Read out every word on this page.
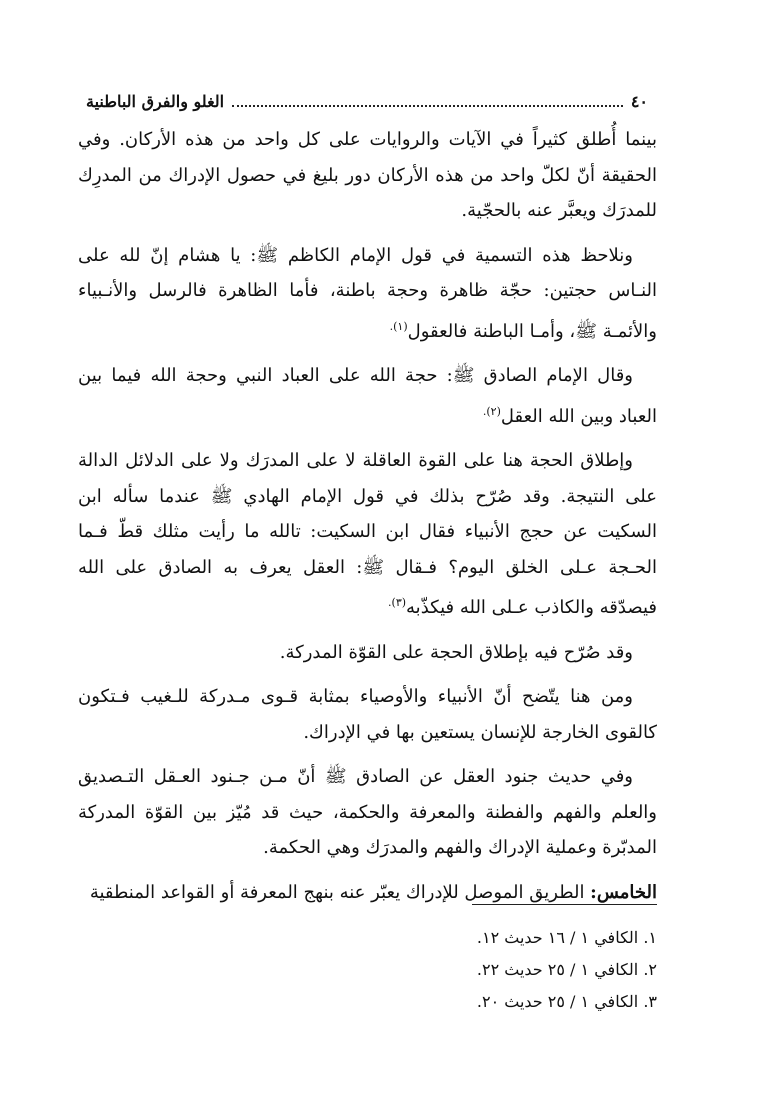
٤٠
الغلو والفرق الباطنية

بينما أُطلق كثيراً في الآيات والروايات على كل واحد من هذه الأركان. وفي الحقيقة أنّ لكلّ واحد من هذه الأركان دور بليغ في حصول الإدراك من المدرِك للمدرَك ويعبَّر عنه بالحجّية.

ونلاحظ هذه التسمية في قول الإمام الكاظم ﷺ: يا هشام إنّ لله على النـاس حجتين: حجّة ظاهرة وحجة باطنة، فأما الظاهرة فالرسل والأنـبياء والأئمـة ﷺ، وأمـا الباطنة فالعقول$^{(١).}$

وقال الإمام الصادق ﷺ: حجة الله على العباد النبي وحجة الله فيما بين العباد وبين الله العقل$^{(٢).}$

وإطلاق الحجة هنا على القوة العاقلة لا على المدرَك ولا على الدلائل الدالة على النتيجة. وقد صُرّح بذلك في قول الإمام الهادي ﷺ عندما سأله ابن السكيت عن حجج الأنبياء فقال ابن السكيت: تالله ما رأيت مثلك قطّ فـما الحـجة عـلى الخلق اليوم؟ فـقال ﷺ: العقل يعرف به الصادق على الله فيصدّقه والكاذب عـلى الله فيكذّبه$^{(٣).}$

وقد صُرّح فيه بإطلاق الحجة على القوّة المدركة.

ومن هنا يتّضح أنّ الأنبياء والأوصياء بمثابة قـوى مـدركة للـغيب فـتكون كالقوى الخارجة للإنسان يستعين بها في الإدراك.

وفي حديث جنود العقل عن الصادق ﷺ أنّ مـن جـنود العـقل التـصديق والعلم والفهم والفطنة والمعرفة والحكمة، حيث قد مُيّز بين القوّة المدركة المدبّرة وعملية الإدراك والفهم والمدرَك وهي الحكمة.

الخامس: الطريق الموصل للإدراك يعبّر عنه بنهج المعرفة أو القواعد المنطقية

١. الكافي ١ / ١٦ حديث ١٢.
٢. الكافي ١ / ٢٥ حديث ٢٢.
٣. الكافي ١ / ٢٥ حديث ٢٠.
